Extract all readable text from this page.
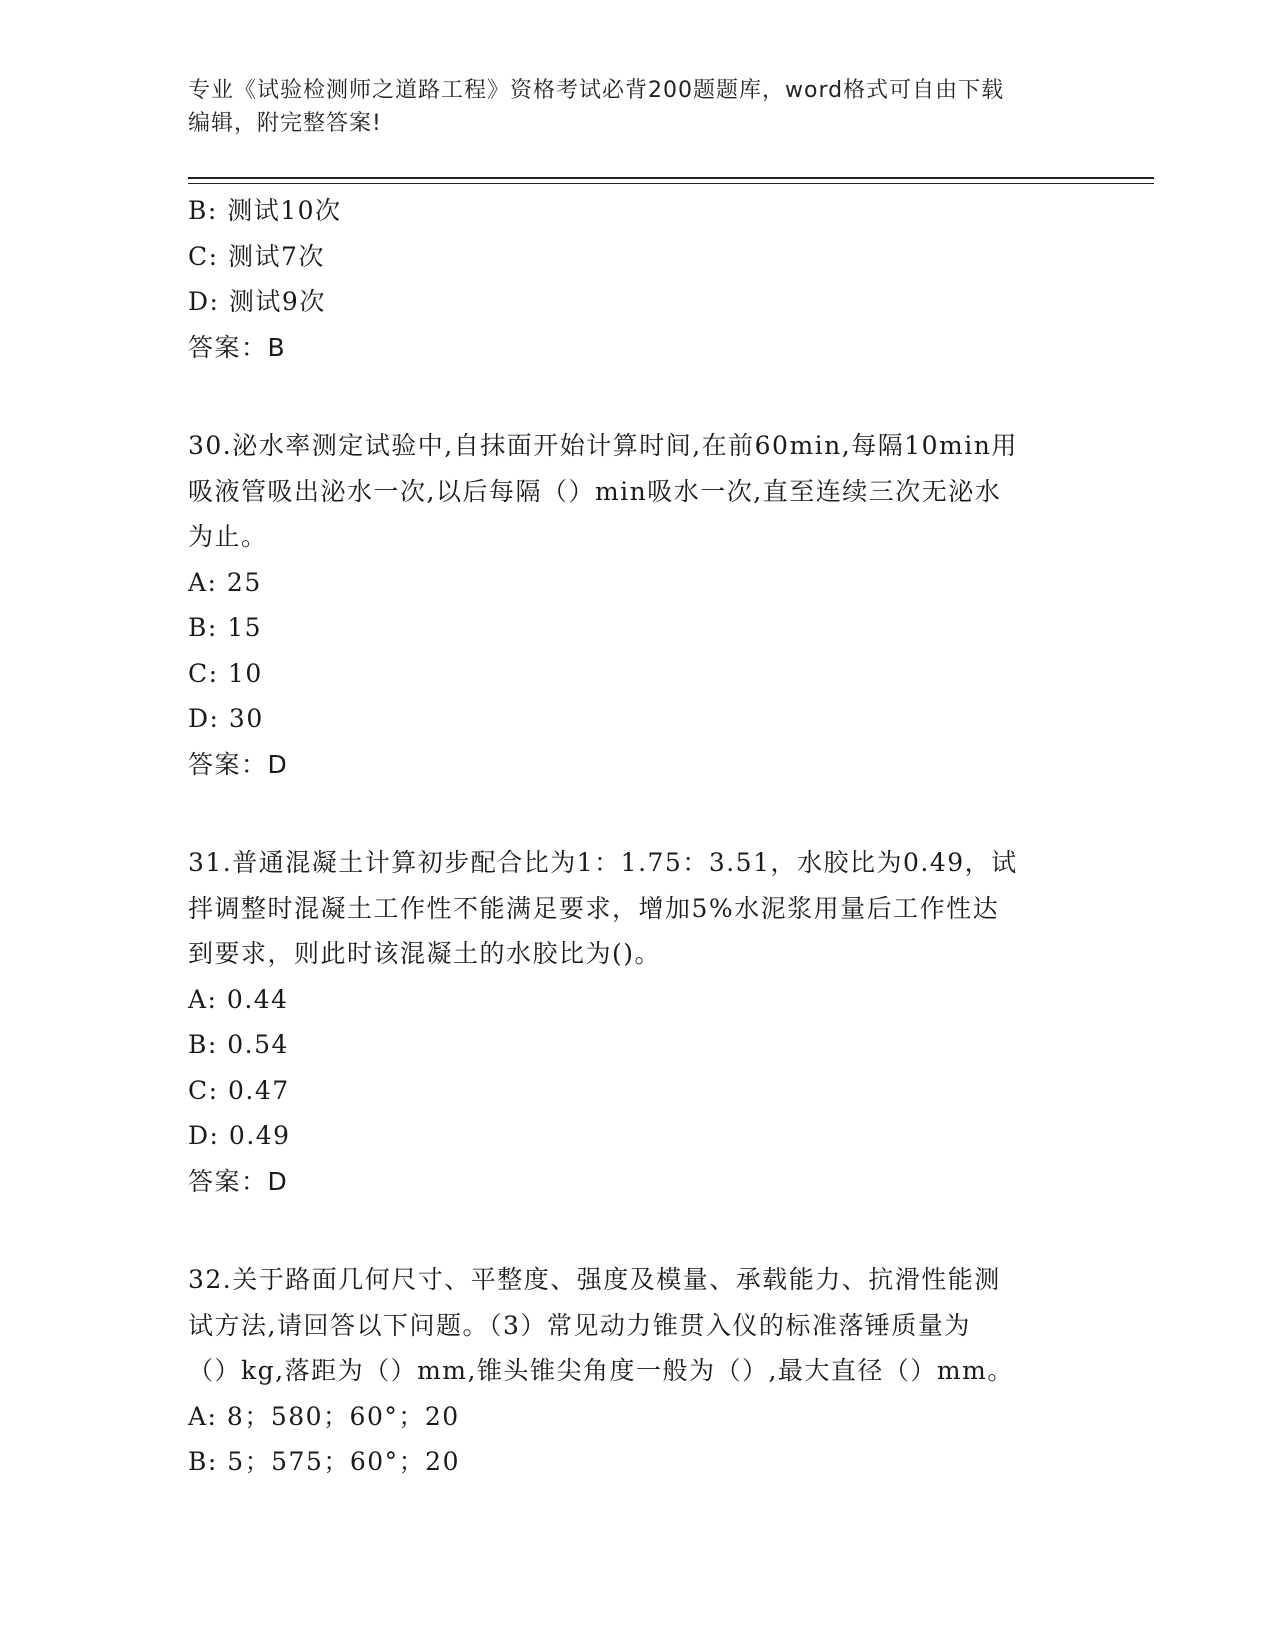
专业《试验检测师之道路工程》资格考试必背200题题库，word格式可自由下载
编辑，附完整答案!
B: 测试10次
C: 测试7次
D: 测试9次
答案：B
30.泌水率测定试验中,自抹面开始计算时间,在前60min,每隔10min用
吸液管吸出泌水一次,以后每隔（）min吸水一次,直至连续三次无泌水
为止。
A: 25
B: 15
C: 10
D: 30
答案：D
31.普通混凝土计算初步配合比为1：1.75：3.51，水胶比为0.49，试
拌调整时混凝土工作性不能满足要求，增加5%水泥浆用量后工作性达
到要求，则此时该混凝土的水胶比为()。
A: 0.44
B: 0.54
C: 0.47
D: 0.49
答案：D
32.关于路面几何尺寸、平整度、强度及模量、承载能力、抗滑性能测
试方法,请回答以下问题。（3）常见动力锥贯入仪的标准落锤质量为
（）kg,落距为（）mm,锥头锥尖角度一般为（）,最大直径（）mm。
A: 8；580；60°；20
B: 5；575；60°；20
